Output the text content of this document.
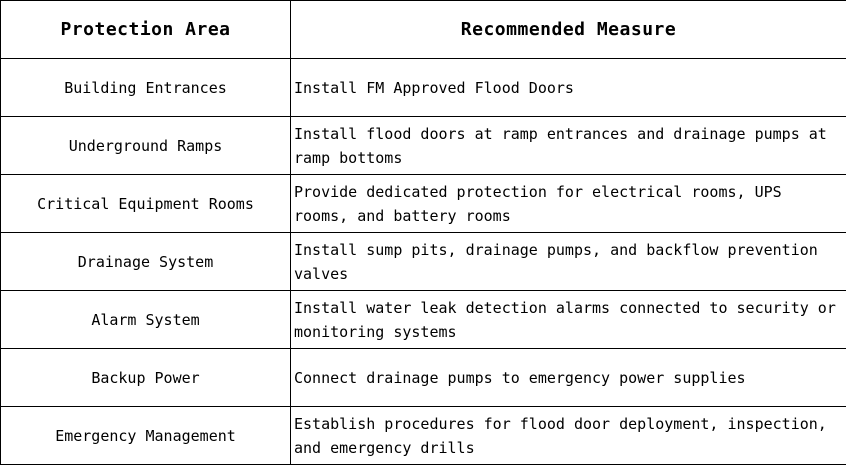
Protection Area	Recommended Measure
Building Entrances	Install FM Approved Flood Doors
Underground Ramps	Install flood doors at ramp entrances and drainage pumps at ramp bottoms
Critical Equipment Rooms	Provide dedicated protection for electrical rooms, UPS rooms, and battery rooms
Drainage System	Install sump pits, drainage pumps, and backflow prevention valves
Alarm System	Install water leak detection alarms connected to security or monitoring systems
Backup Power	Connect drainage pumps to emergency power supplies
Emergency Management	Establish procedures for flood door deployment, inspection, and emergency drills
